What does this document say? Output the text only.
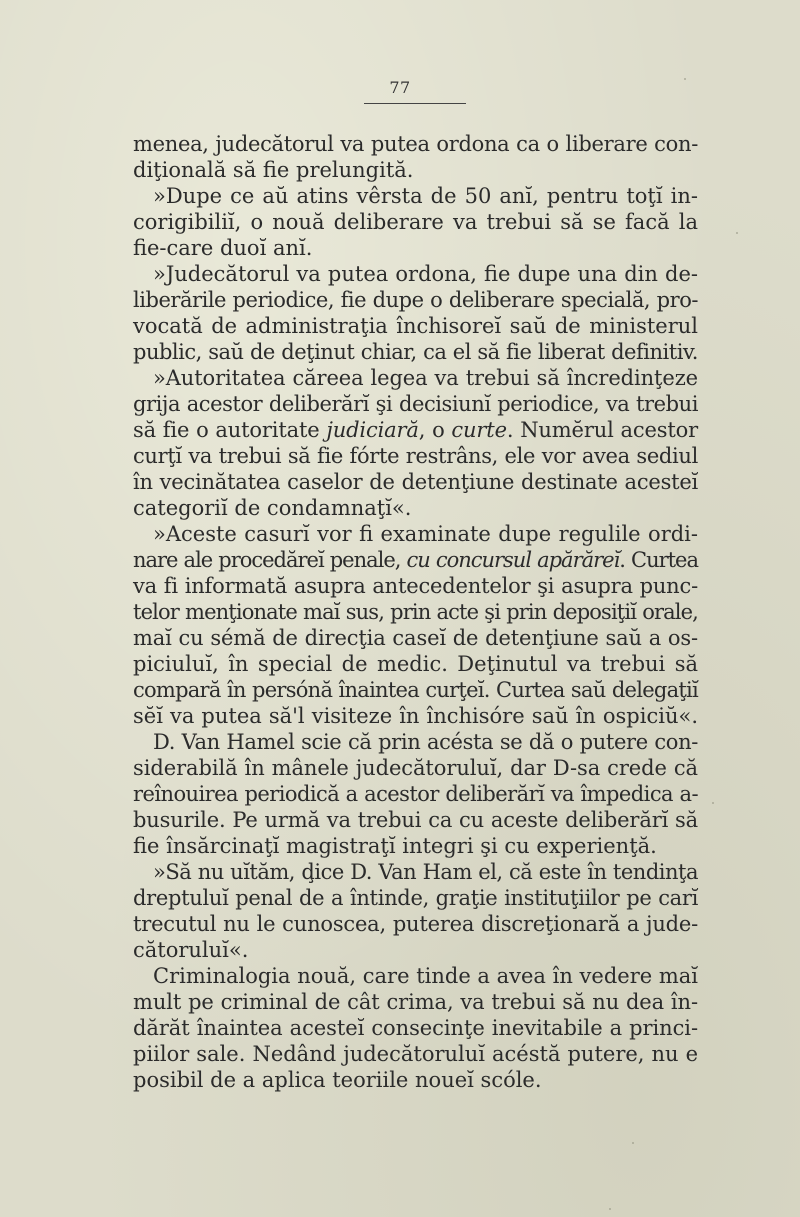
77
menea, judecătorul va putea ordona ca o liberare con-
diţională să fie prelungită.
»Dupe ce aŭ atins vêrsta de 50 anĭ, pentru toţĭ in-
corigibiliĭ, o nouă deliberare va trebui să se facă la
fie-care duoĭ anĭ.
»Judecătorul va putea ordona, fie dupe una din de-
liberările periodice, fie dupe o deliberare specială, pro-
vocată de administraţia închisoreĭ saŭ de ministerul
public, saŭ de deţinut chiar, ca el să fie liberat definitiv.
»Autoritatea căreea legea va trebui să încredinţeze
grija acestor deliberărĭ şi decisiunĭ periodice, va trebui
să fie o autoritate judiciară, o curte. Numĕrul acestor
curţĭ va trebui să fie fórte restrâns, ele vor avea sediul
în vecinătatea caselor de detenţiune destinate acesteĭ
categoriĭ de condamnaţĭ«.
»Aceste casurĭ vor fi examinate dupe regulile ordi-
nare ale procedăreĭ penale, cu concursul apărăreĭ. Curtea
va fi informată asupra antecedentelor şi asupra punc-
telor menţionate maĭ sus, prin acte şi prin deposiţiĭ orale,
maĭ cu sémă de direcţia caseĭ de detenţiune saŭ a os-
piciuluĭ, în special de medic. Deţinutul va trebui să
compară în persónă înaintea curţeĭ. Curtea saŭ delegaţiĭ
sĕĭ va putea să'l visiteze în închisóre saŭ în ospiciŭ«.
D. Van Hamel scie că prin acésta se dă o putere con-
siderabilă în mânele judecătoruluĭ, dar D-sa crede că
reînouirea periodică a acestor deliberărĭ va împedica a-
busurile. Pe urmă va trebui ca cu aceste deliberărĭ să
fie însărcinaţĭ magistraţĭ integri şi cu experienţă.
»Să nu uĭtăm, ḑice D. Van Ham el, că este în tendinţa
dreptuluĭ penal de a întinde, graţie instituţiilor pe carĭ
trecutul nu le cunoscea, puterea discreţionară a jude-
cătoruluĭ«.
Criminalogia nouă, care tinde a avea în vedere maĭ
mult pe criminal de cât crima, va trebui să nu dea în-
dărăt înaintea acesteĭ consecinţe inevitabile a princi-
piilor sale. Nedând judecătoruluĭ acéstă putere, nu e
posibil de a aplica teoriile noueĭ scóle.
